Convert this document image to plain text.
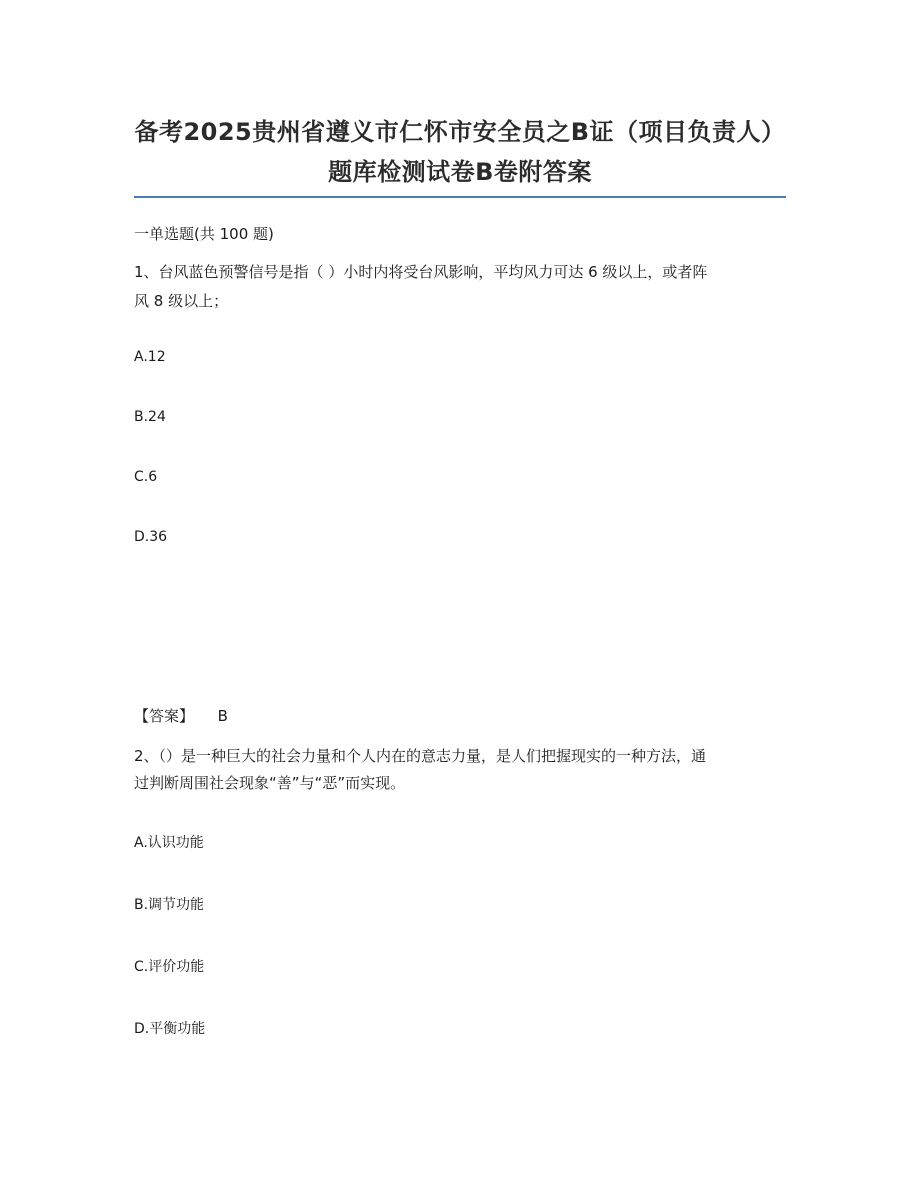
备考2025贵州省遵义市仁怀市安全员之B证（项目负责人）题库检测试卷B卷附答案
一单选题(共 100 题)
1、台风蓝色预警信号是指（ ）小时内将受台风影响，平均风力可达 6 级以上，或者阵
风 8 级以上；
A.12
B.24
C.6
D.36
【答案】 B
2、（）是一种巨大的社会力量和个人内在的意志力量，是人们把握现实的一种方法，通
过判断周围社会现象“善”与“恶”而实现。
A.认识功能
B.调节功能
C.评价功能
D.平衡功能
